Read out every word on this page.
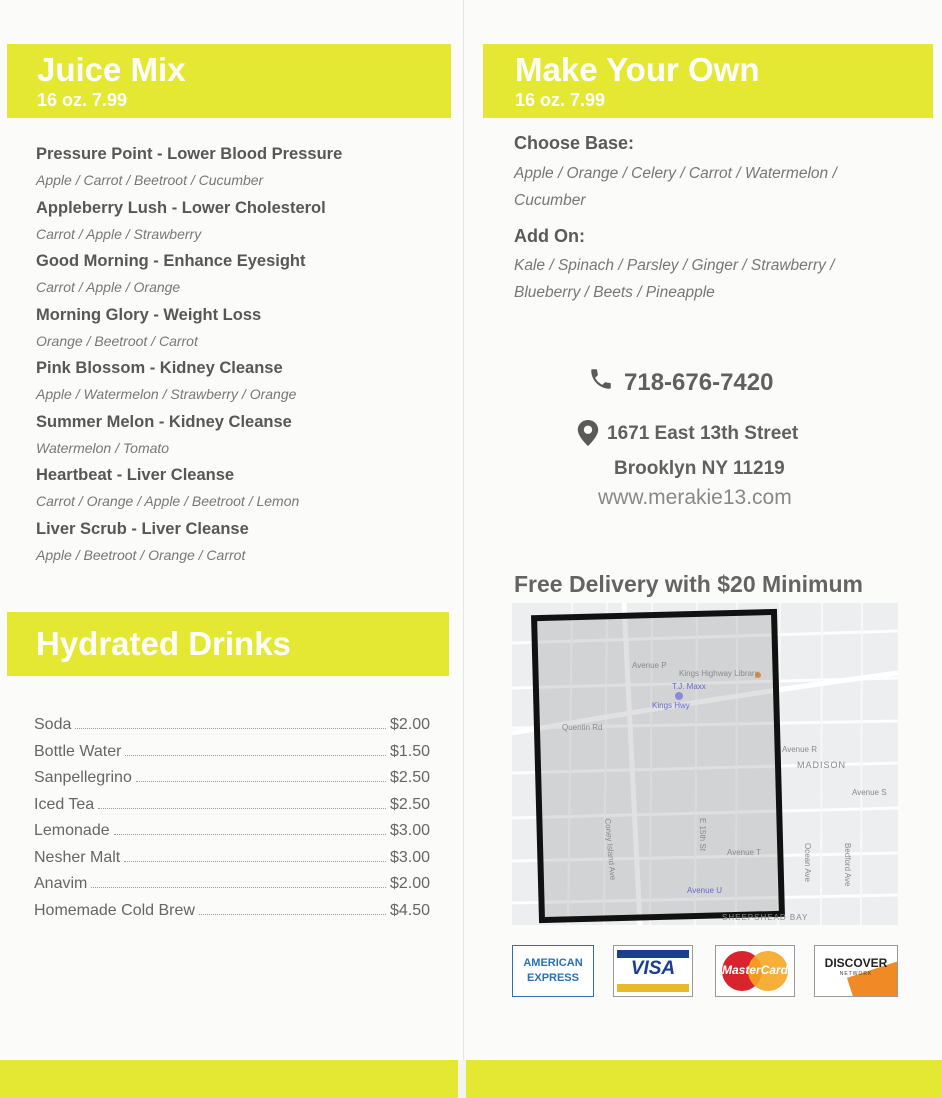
Juice Mix
16 oz. 7.99
Pressure Point - Lower Blood Pressure
Apple / Carrot / Beetroot / Cucumber
Appleberry Lush - Lower Cholesterol
Carrot / Apple / Strawberry
Good Morning - Enhance Eyesight
Carrot / Apple / Orange
Morning Glory - Weight Loss
Orange / Beetroot / Carrot
Pink Blossom - Kidney Cleanse
Apple / Watermelon / Strawberry / Orange
Summer Melon - Kidney Cleanse
Watermelon / Tomato
Heartbeat - Liver Cleanse
Carrot / Orange / Apple / Beetroot / Lemon
Liver Scrub - Liver Cleanse
Apple / Beetroot / Orange / Carrot
Hydrated Drinks
Soda	$2.00
Bottle Water	$1.50
Sanpellegrino	$2.50
Iced Tea	$2.50
Lemonade	$3.00
Nesher Malt	$3.00
Anavim	$2.00
Homemade Cold Brew	$4.50
Make Your Own
16 oz. 7.99
Choose Base:
Apple / Orange / Celery / Carrot / Watermelon / Cucumber
Add On:
Kale / Spinach / Parsley / Ginger / Strawberry / Blueberry / Beets / Pineapple
718-676-7420
1671 East 13th Street
Brooklyn NY 11219
www.merakie13.com
Free Delivery with $20 Minimum
Kings Highway Library
T.J. Maxx
MADISON
SHEEPSHEAD BAY
Avenue P
Avenue R
Avenue S
Avenue T
Avenue U
Quentin Rd
Kings Hwy
Coney Island Ave	E 15th St
Bedford Ave
Ocean Ave
AMERICAN
EXPRESS	VISA	MasterCard	DISCOVER
NETWORK
